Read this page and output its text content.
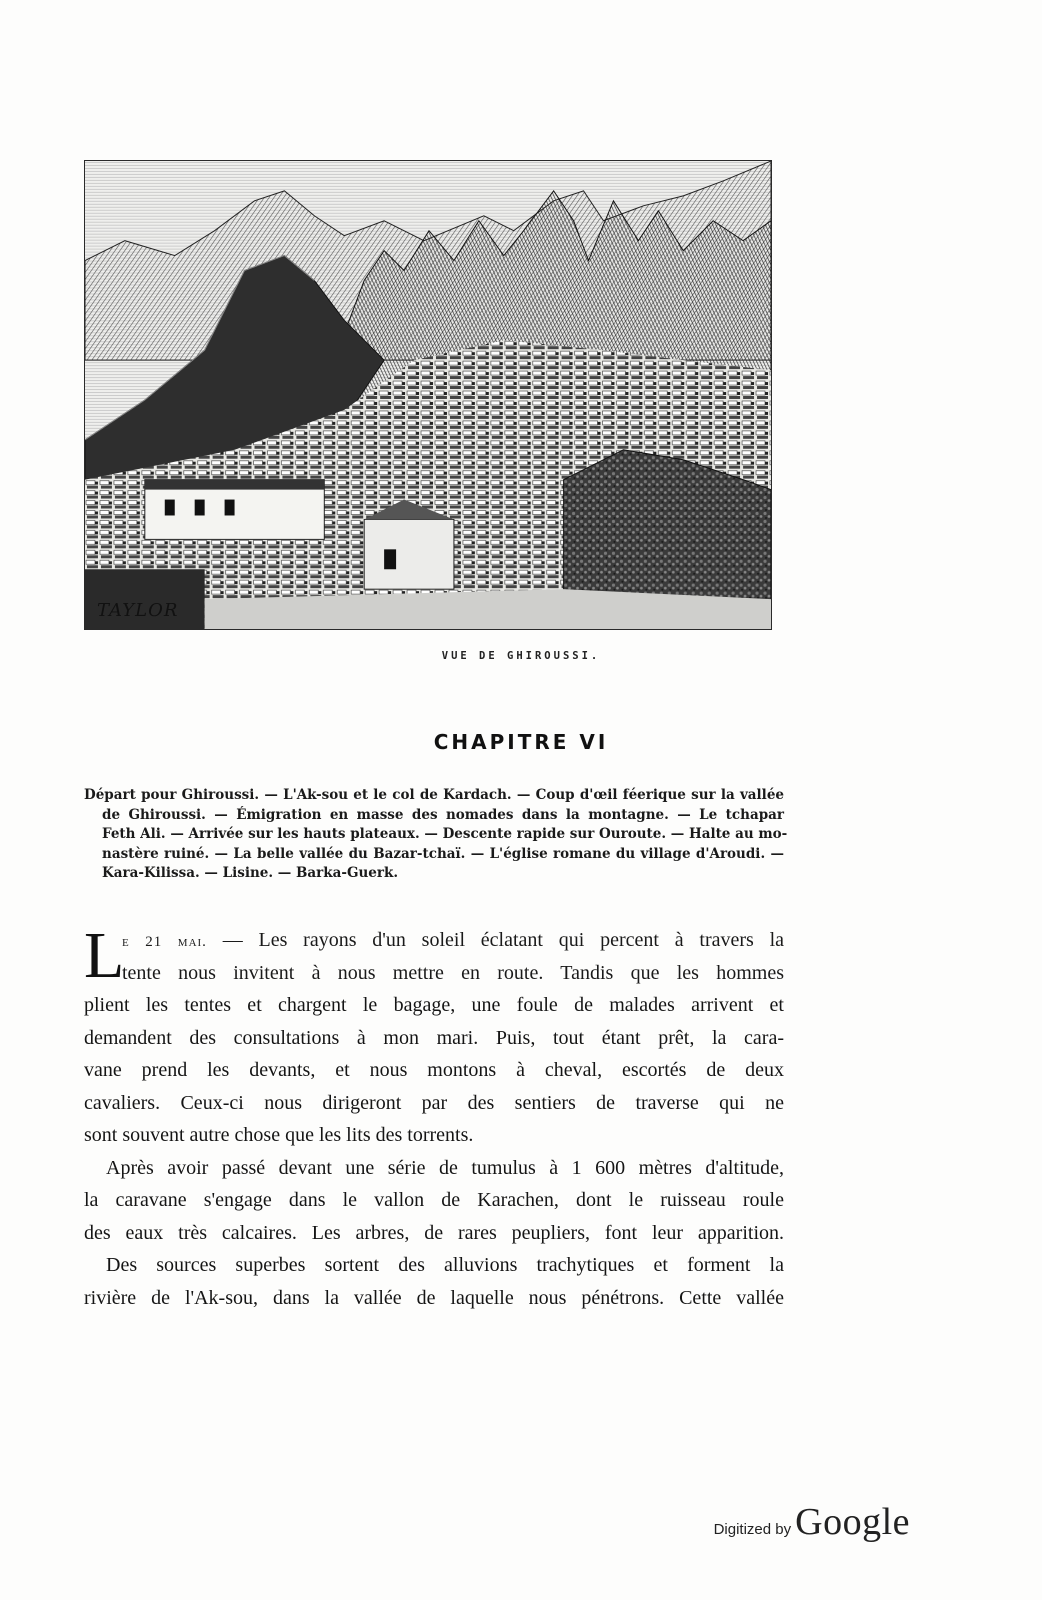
TAYLOR
VUE DE GHIROUSSI.
CHAPITRE VI
Départ pour Ghiroussi. — L'Ak-sou et le col de Kardach. — Coup d'œil féerique sur la vallée
de Ghiroussi. — Émigration en masse des nomades dans la montagne. — Le tchapar
Feth Ali. — Arrivée sur les hauts plateaux. — Descente rapide sur Ouroute. — Halte au mo-
nastère ruiné. — La belle vallée du Bazar-tchaï. — L'église romane du village d'Aroudi. —
Kara-Kilissa. — Lisine. — Barka-Guerk.
L
e 21 mai. — Les rayons d'un soleil éclatant qui percent à travers la
tente nous invitent à nous mettre en route. Tandis que les hommes
plient les tentes et chargent le bagage, une foule de malades arrivent et
demandent des consultations à mon mari. Puis, tout étant prêt, la cara-
vane prend les devants, et nous montons à cheval, escortés de deux
cavaliers. Ceux-ci nous dirigeront par des sentiers de traverse qui ne
sont souvent autre chose que les lits des torrents.
Après avoir passé devant une série de tumulus à 1 600 mètres d'altitude,
la caravane s'engage dans le vallon de Karachen, dont le ruisseau roule
des eaux très calcaires. Les arbres, de rares peupliers, font leur apparition.
Des sources superbes sortent des alluvions trachytiques et forment la
rivière de l'Ak-sou, dans la vallée de laquelle nous pénétrons. Cette vallée
Digitized by Google
